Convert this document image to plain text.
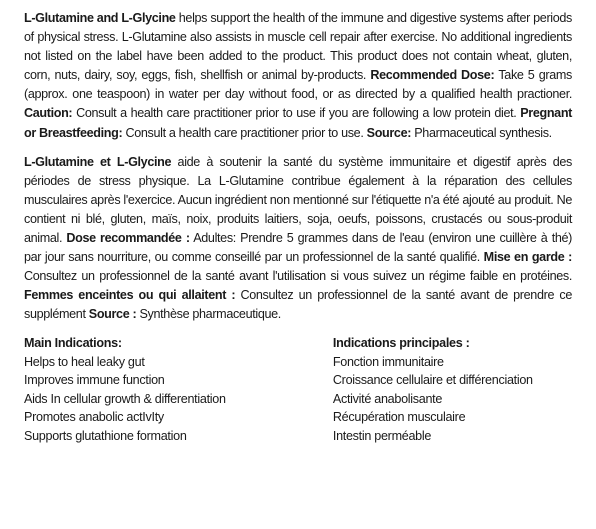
L-Glutamine and L-Glycine helps support the health of the immune and digestive systems after periods of physical stress. L-Glutamine also assists in muscle cell repair after exercise. No additional ingredients not listed on the label have been added to the product. This product does not contain wheat, gluten, corn, nuts, dairy, soy, eggs, fish, shellfish or animal by-products. Recommended Dose: Take 5 grams (approx. one teaspoon) in water per day without food, or as directed by a qualified health practioner. Caution: Consult a health care practitioner prior to use if you are following a low protein diet. Pregnant or Breastfeeding: Consult a health care practitioner prior to use. Source: Pharmaceutical synthesis.

L-Glutamine et L-Glycine aide à soutenir la santé du système immunitaire et digestif après des périodes de stress physique. La L-Glutamine contribue également à la réparation des cellules musculaires après l'exercice. Aucun ingrédient non mentionné sur l'étiquette n'a été ajouté au produit. Ne contient ni blé, gluten, maïs, noix, produits laitiers, soja, oeufs, poissons, crustacés ou sous-produit animal. Dose recommandée : Adultes: Prendre 5 grammes dans de l'eau (environ une cuillère à thé) par jour sans nourriture, ou comme conseillé par un professionnel de la santé qualifié. Mise en garde : Consultez un professionnel de la santé avant l'utilisation si vous suivez un régime faible en protéines. Femmes enceintes ou qui allaitent : Consultez un professionnel de la santé avant de prendre ce supplément Source : Synthèse pharmaceutique.

Main Indications:
Helps to heal leaky gut
Improves immune function
Aids In cellular growth & differentiation
Promotes anabolic actIvIty
Supports glutathione formation
Indications principales :
Fonction immunitaire
Croissance cellulaire et différenciation
Activité anabolisante
Récupération musculaire
Intestin perméable
